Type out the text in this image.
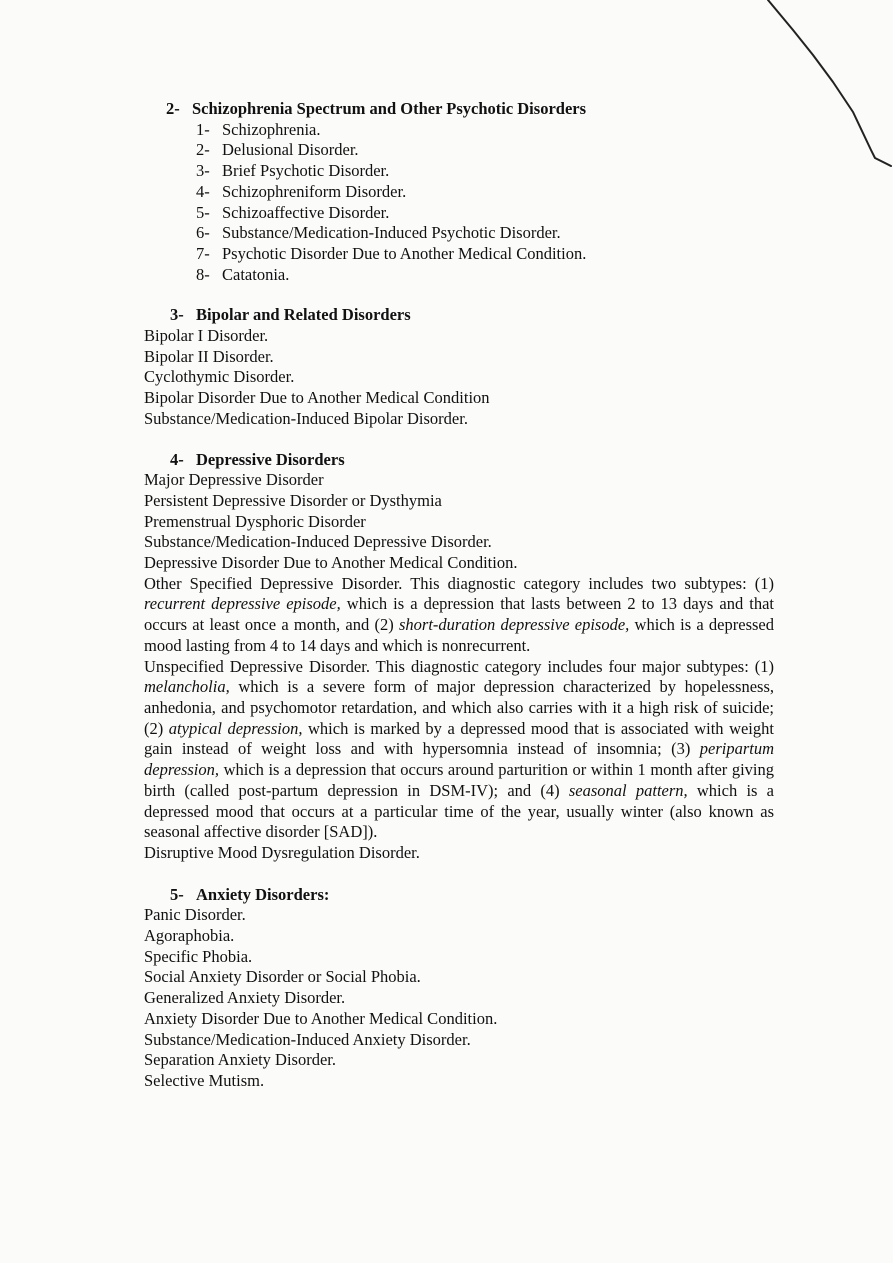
2- Schizophrenia Spectrum and Other Psychotic Disorders

1- Schizophrenia.
2- Delusional Disorder.
3- Brief Psychotic Disorder.
4- Schizophreniform Disorder.
5- Schizoaffective Disorder.
6- Substance/Medication-Induced Psychotic Disorder.
7- Psychotic Disorder Due to Another Medical Condition.
8- Catatonia.

3- Bipolar and Related Disorders

Bipolar I Disorder.

Bipolar II Disorder.

Cyclothymic Disorder.

Bipolar Disorder Due to Another Medical Condition

Substance/Medication-Induced Bipolar Disorder.

4- Depressive Disorders

Major Depressive Disorder

Persistent Depressive Disorder or Dysthymia

Premenstrual Dysphoric Disorder

Substance/Medication-Induced Depressive Disorder.

Depressive Disorder Due to Another Medical Condition.

Other Specified Depressive Disorder. This diagnostic category includes two subtypes: (1) recurrent depressive episode, which is a depression that lasts between 2 to 13 days and that occurs at least once a month, and (2) short-duration depressive episode, which is a depressed mood lasting from 4 to 14 days and which is nonrecurrent.

Unspecified Depressive Disorder. This diagnostic category includes four major subtypes: (1) melancholia, which is a severe form of major depression characterized by hopelessness, anhedonia, and psychomotor retardation, and which also carries with it a high risk of suicide; (2) atypical depression, which is marked by a depressed mood that is associated with weight gain instead of weight loss and with hypersomnia instead of insomnia; (3) peripartum depression, which is a depression that occurs around parturition or within 1 month after giving birth (called post-partum depression in DSM-IV); and (4) seasonal pattern, which is a depressed mood that occurs at a particular time of the year, usually winter (also known as seasonal affective disorder [SAD]).

Disruptive Mood Dysregulation Disorder.

5- Anxiety Disorders:

Panic Disorder.

Agoraphobia.

Specific Phobia.

Social Anxiety Disorder or Social Phobia.

Generalized Anxiety Disorder.

Anxiety Disorder Due to Another Medical Condition.

Substance/Medication-Induced Anxiety Disorder.

Separation Anxiety Disorder.

Selective Mutism.
